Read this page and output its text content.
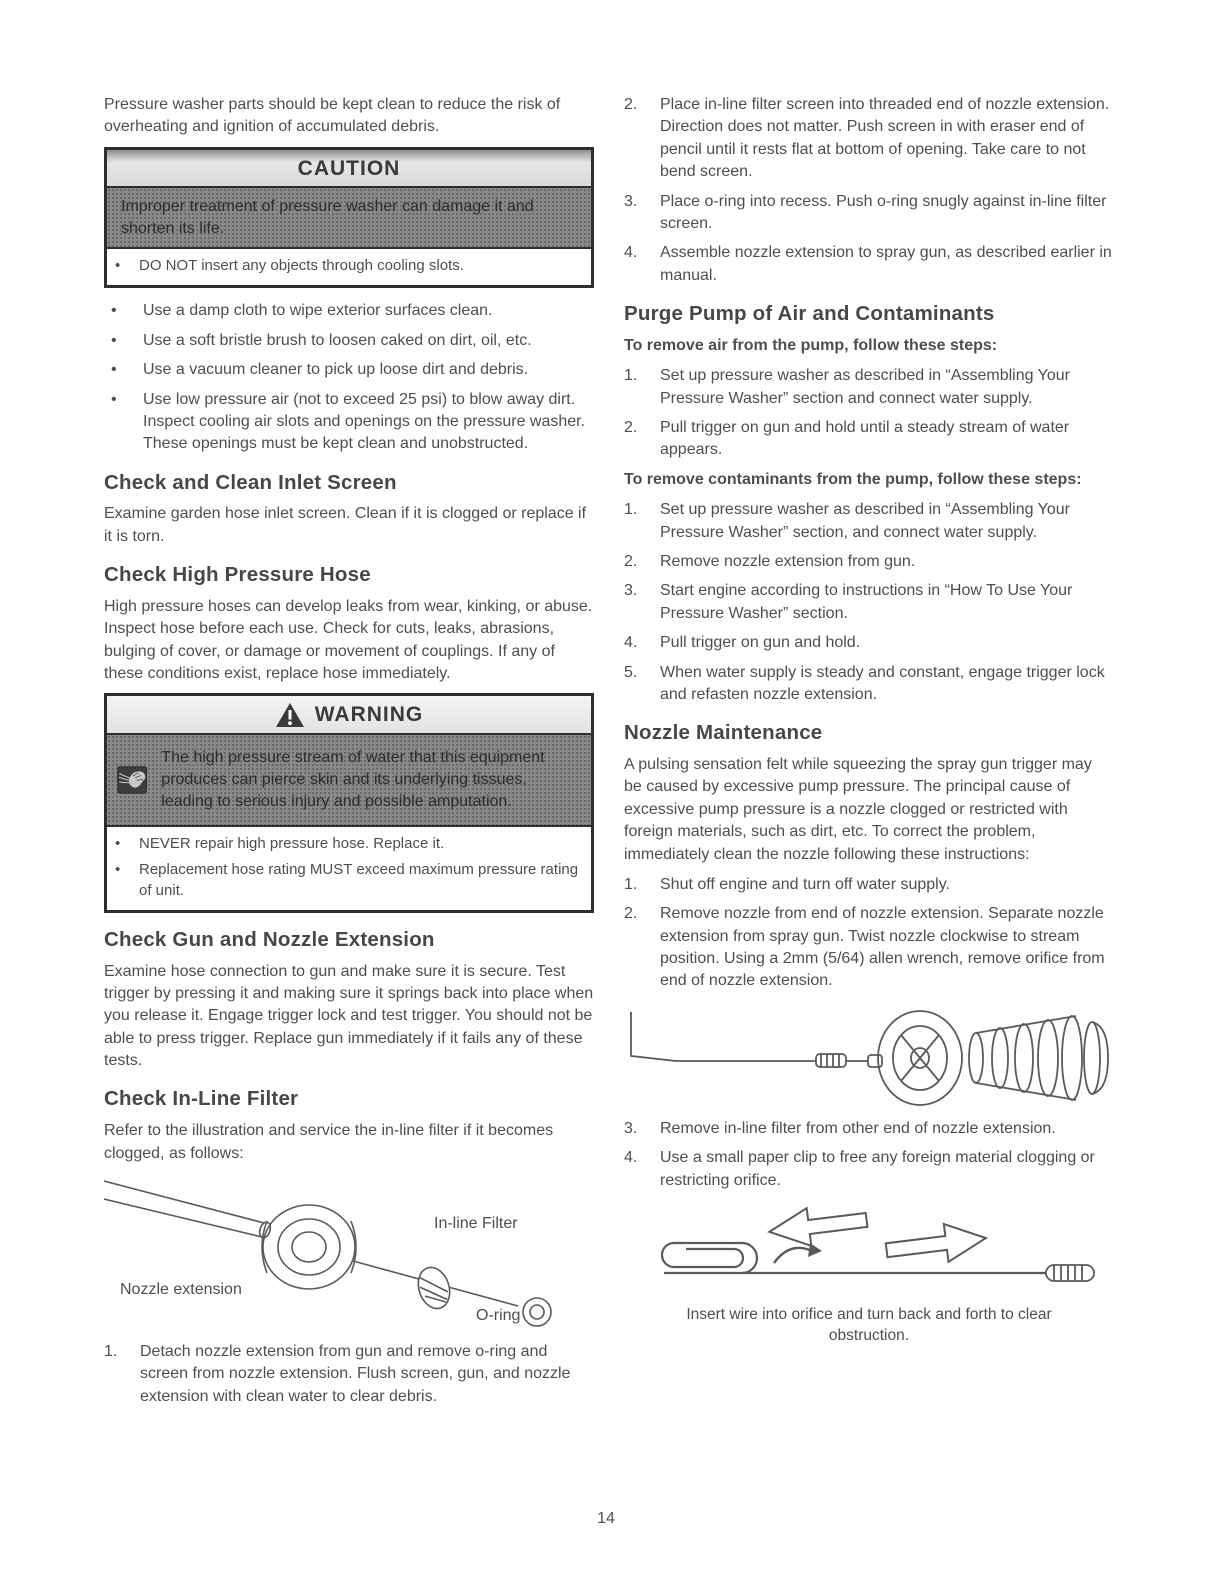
Pressure washer parts should be kept clean to reduce the risk of overheating and ignition of accumulated debris.

CAUTION
Improper treatment of pressure washer can damage it and shorten its life.
• DO NOT insert any objects through cooling slots.
• Use a damp cloth to wipe exterior surfaces clean.
• Use a soft bristle brush to loosen caked on dirt, oil, etc.
• Use a vacuum cleaner to pick up loose dirt and debris.
• Use low pressure air (not to exceed 25 psi) to blow away dirt. Inspect cooling air slots and openings on the pressure washer. These openings must be kept clean and unobstructed.
Check and Clean Inlet Screen

Examine garden hose inlet screen. Clean if it is clogged or replace if it is torn.

Check High Pressure Hose

High pressure hoses can develop leaks from wear, kinking, or abuse. Inspect hose before each use. Check for cuts, leaks, abrasions, bulging of cover, or damage or movement of couplings. If any of these conditions exist, replace hose immediately.

WARNING
The high pressure stream of water that this equipment produces can pierce skin and its underlying tissues, leading to serious injury and possible amputation.
• NEVER repair high pressure hose. Replace it.
• Replacement hose rating MUST exceed maximum pressure rating of unit.
Check Gun and Nozzle Extension

Examine hose connection to gun and make sure it is secure. Test trigger by pressing it and making sure it springs back into place when you release it. Engage trigger lock and test trigger. You should not be able to press trigger. Replace gun immediately if it fails any of these tests.

Check In-Line Filter

Refer to the illustration and service the in-line filter if it becomes clogged, as follows:

In-line Filter
Nozzle extension
O-ring
1.	Detach nozzle extension from gun and remove o-ring and screen from nozzle extension. Flush screen, gun, and nozzle extension with clean water to clear debris.
2.	Place in-line filter screen into threaded end of nozzle extension. Direction does not matter. Push screen in with eraser end of pencil until it rests flat at bottom of opening. Take care to not bend screen.
3.	Place o-ring into recess. Push o-ring snugly against in-line filter screen.
4.	Assemble nozzle extension to spray gun, as described earlier in manual.
Purge Pump of Air and Contaminants

To remove air from the pump, follow these steps:

1.	Set up pressure washer as described in “Assembling Your Pressure Washer” section and connect water supply.
2.	Pull trigger on gun and hold until a steady stream of water appears.

To remove contaminants from the pump, follow these steps:

1.	Set up pressure washer as described in “Assembling Your Pressure Washer” section, and connect water supply.
2.	Remove nozzle extension from gun.
3.	Start engine according to instructions in “How To Use Your Pressure Washer” section.
4.	Pull trigger on gun and hold.
5.	When water supply is steady and constant, engage trigger lock and refasten nozzle extension.
Nozzle Maintenance

A pulsing sensation felt while squeezing the spray gun trigger may be caused by excessive pump pressure. The principal cause of excessive pump pressure is a nozzle clogged or restricted with foreign materials, such as dirt, etc. To correct the problem, immediately clean the nozzle following these instructions:

1.	Shut off engine and turn off water supply.
2.	Remove nozzle from end of nozzle extension. Separate nozzle extension from spray gun. Twist nozzle clockwise to stream position. Using a 2mm (5/64) allen wrench, remove orifice from end of nozzle extension.
3.	Remove in-line filter from other end of nozzle extension.
4.	Use a small paper clip to free any foreign material clogging or restricting orifice.

Insert wire into orifice and turn back and forth to clear obstruction.

14
